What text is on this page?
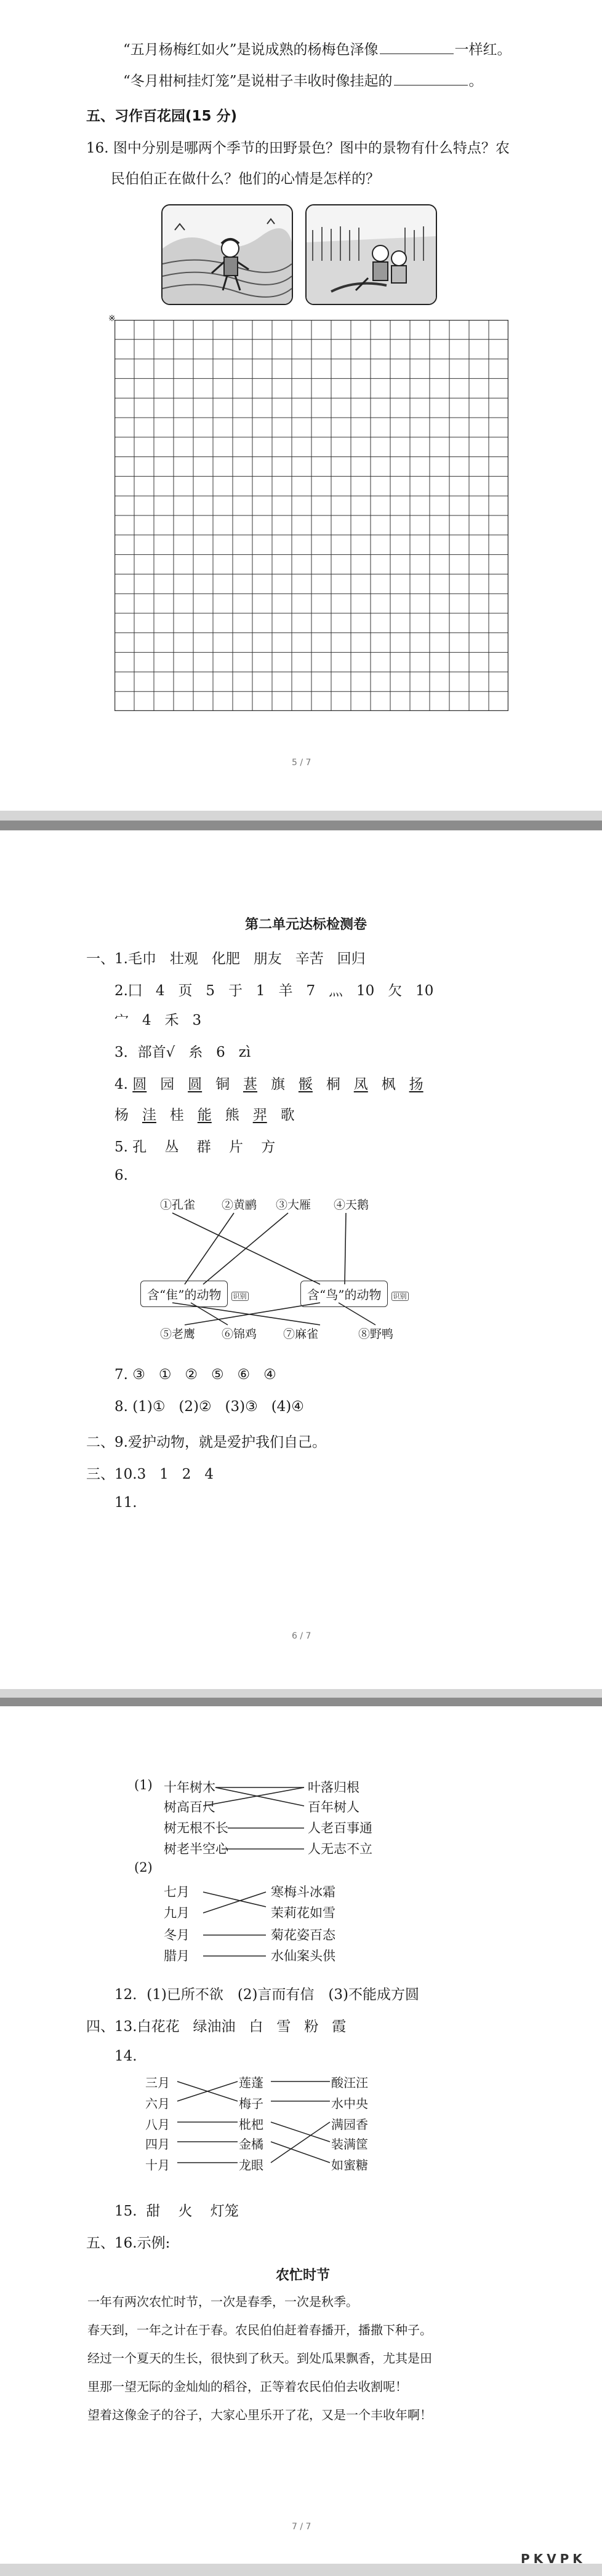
“五月杨梅红如火”是说成熟的杨梅色泽像	一样红。
“冬月柑柯挂灯笼”是说柑子丰收时像挂起的	。
五、习作百花园(15 分)
16. 图中分别是哪两个季节的田野景色？图中的景物有什么特点？农
民伯伯正在做什么？他们的心情是怎样的？
※
5 / 7
第二单元达标检测卷
一、1.毛巾 壮观 化肥 朋友 辛苦 回归
2.囗 4 页 5 于 1 羊 7 灬 10 欠 10
宀 4 禾 3
3．部首√ 糸 6 zì
4. 圆 园 圆 铜 葚 旗 骽 桐 凤 枫 扬
杨 洼 桂 能 熊 羿 歌
5. 孔 丛 群 片 方
6.
①孔雀 ②黄鹂 ③大雁 ④天鹅
含“隹”的动物 识别	含“鸟”的动物 识别
⑤老鹰 ⑥锦鸡 ⑦麻雀	⑧野鸭
7. ③ ① ② ⑤ ⑥ ④
8. (1)① (2)② (3)③ (4)④
二、9.爱护动物，就是爱护我们自己。
三、10.3 1 2 4
11.
6 / 7
(1) 十年树木
树高百尺
树无根不长
树老半空心
叶落归根
百年树人
人老百事通
人无志不立
(2)
七月
九月
冬月
腊月
寒梅斗冰霜
茉莉花如雪
菊花姿百态
水仙案头供
12．(1)已所不欲　(2)言而有信　(3)不能成方圆
四、13.白花花 绿油油 白 雪 粉 霞
14.
三月
六月
八月
四月
十月
莲蓬
梅子
枇杷
金橘
龙眼
酸汪汪
水中央
满园香
装满筐
如蜜糖
15. 甜 火 灯笼
五、16.示例:
农忙时节
一年有两次农忙时节，一次是春季，一次是秋季。
春天到，一年之计在于春。农民伯伯赶着春播开，播撒下种子。
经过一个夏天的生长，很快到了秋天。到处瓜果飘香，尤其是田
里那一望无际的金灿灿的稻谷，正等着农民伯伯去收割呢！
望着这像金子的谷子，大家心里乐开了花，又是一个丰收年啊！
7 / 7
PKVPK
